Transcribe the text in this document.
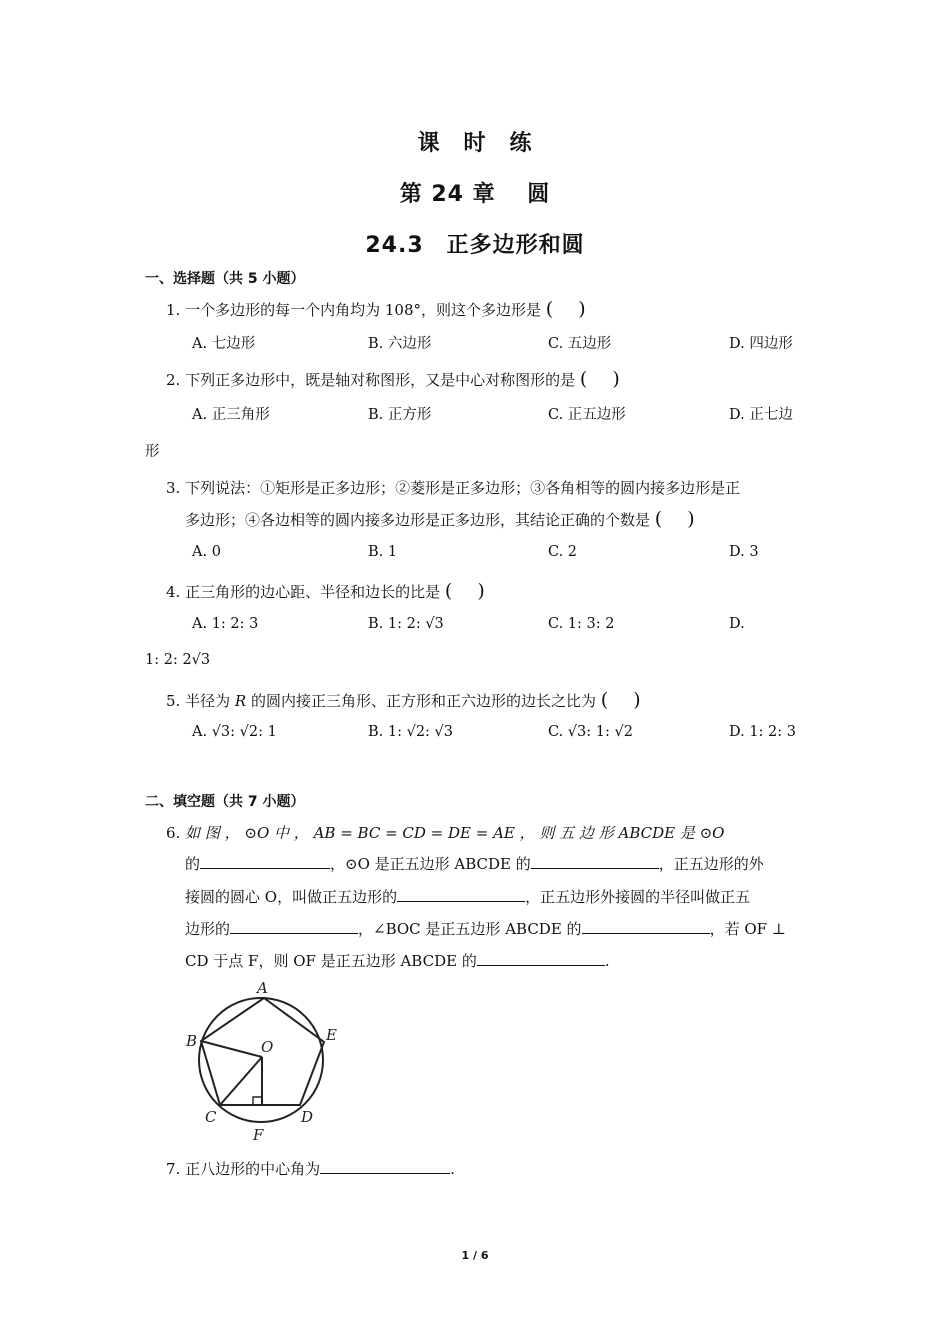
课　时　练
第 24 章　 圆
24.3　正多边形和圆
一、选择题（共 5 小题）
1. 一个多边形的每一个内角均为 108°，则这个多边形是 (  )
A. 七边形	B. 六边形	C. 五边形	D. 四边形
2. 下列正多边形中，既是轴对称图形，又是中心对称图形的是 (  )
A. 正三角形	B. 正方形	C. 正五边形	D. 正七边
形
3. 下列说法：①矩形是正多边形；②菱形是正多边形；③各角相等的圆内接多边形是正
多边形；④各边相等的圆内接多边形是正多边形，其结论正确的个数是 (  )
A. 0	B. 1	C. 2	D. 3
4. 正三角形的边心距、半径和边长的比是 (  )
A. 1: 2: 3	B. 1: 2: √3	C. 1: 3: 2	D.
1: 2: 2√3
5. 半径为 R 的圆内接正三角形、正方形和正六边形的边长之比为 (  )
A. √3: √2: 1	B. 1: √2: √3	C. √3: 1: √2	D. 1: 2: 3
二、填空题（共 7 小题）
6. 如 图 ， ⊙O 中 ， AB = BC = CD = DE = AE ， 则 五 边 形 ABCDE 是 ⊙O
的	，⊙O 是正五边形 ABCDE 的	，正五边形的外
接圆的圆心 O，叫做正五边形的	，正五边形外接圆的半径叫做正五
边形的	，∠BOC 是正五边形 ABCDE 的	，若 OF ⊥
CD 于点 F，则 OF 是正五边形 ABCDE 的	.
A
B
C	D
E
O
F
7. 正八边形的中心角为	.
1 / 6
